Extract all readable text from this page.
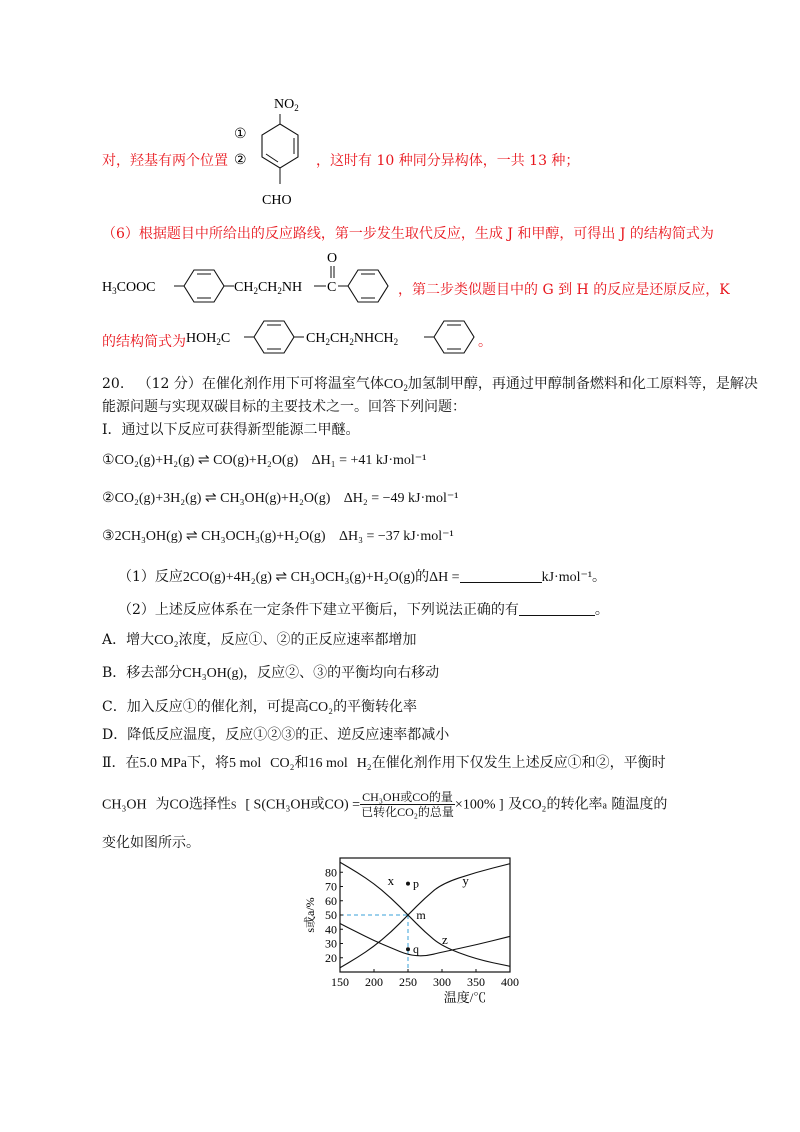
对，羟基有两个位置
$NO_2$
CHO
①
②	，这时有 10 种同分异构体，一共 13 种；
（6）根据题目中所给出的反应路线，第一步发生取代反应，生成 J 和甲醇，可得出 J 的结构简式为
$H_3COOC$	$CH_2CH_2NH$ C
O
，第二步类似题目中的 G 到 H 的反应是还原反应，K
的结构简式为 $HOH_2C$	$CH_2CH_2NHCH_2$	。
20. （12 分）在催化剂作用下可将温室气体$CO_2$加氢制甲醇，再通过甲醇制备燃料和化工原料等，是解决
能源问题与实现双碳目标的主要技术之一。回答下列问题：
Ⅰ．通过以下反应可获得新型能源二甲醚。
①CO₂(g)+H₂(g) ⇌ CO(g)+H₂O(g) ΔH₁ = +41 kJ·mol⁻¹
②CO₂(g)+3H₂(g) ⇌ CH₃OH(g)+H₂O(g) ΔH₂ = −49 kJ·mol⁻¹
③2CH₃OH(g) ⇌ CH₃OCH₃(g)+H₂O(g) ΔH₃ = −37 kJ·mol⁻¹
（1）反应2CO(g)+4H₂(g) ⇌ CH₃OCH₃(g)+H₂O(g)的ΔH =	kJ·mol⁻¹。
（2）上述反应体系在一定条件下建立平衡后，下列说法正确的有	。
A．增大CO₂浓度，反应①、②的正反应速率都增加
B．移去部分CH₃OH(g)，反应②、③的平衡均向右移动
C．加入反应①的催化剂，可提高CO₂的平衡转化率
D．降低反应温度，反应①②③的正、逆反应速率都减小
Ⅱ．在5.0 MPa下，将5 mol CO₂和16 mol H₂在催化剂作用下仅发生上述反应①和②，平衡时
CH₃OH 为CO选择性S [ S(CH₃OH或$CO) = \frac{\text{CH₃OH或CO的量}}{\text{已转化CO₂的总量}} \times 100\%$ ] 及CO₂的转化率a 随温度的
变化如图所示。
150 200 250 300 350 400
20
30
40
50
60
70
80
x	y
z
p
m
q
s或a/%
温度/℃
